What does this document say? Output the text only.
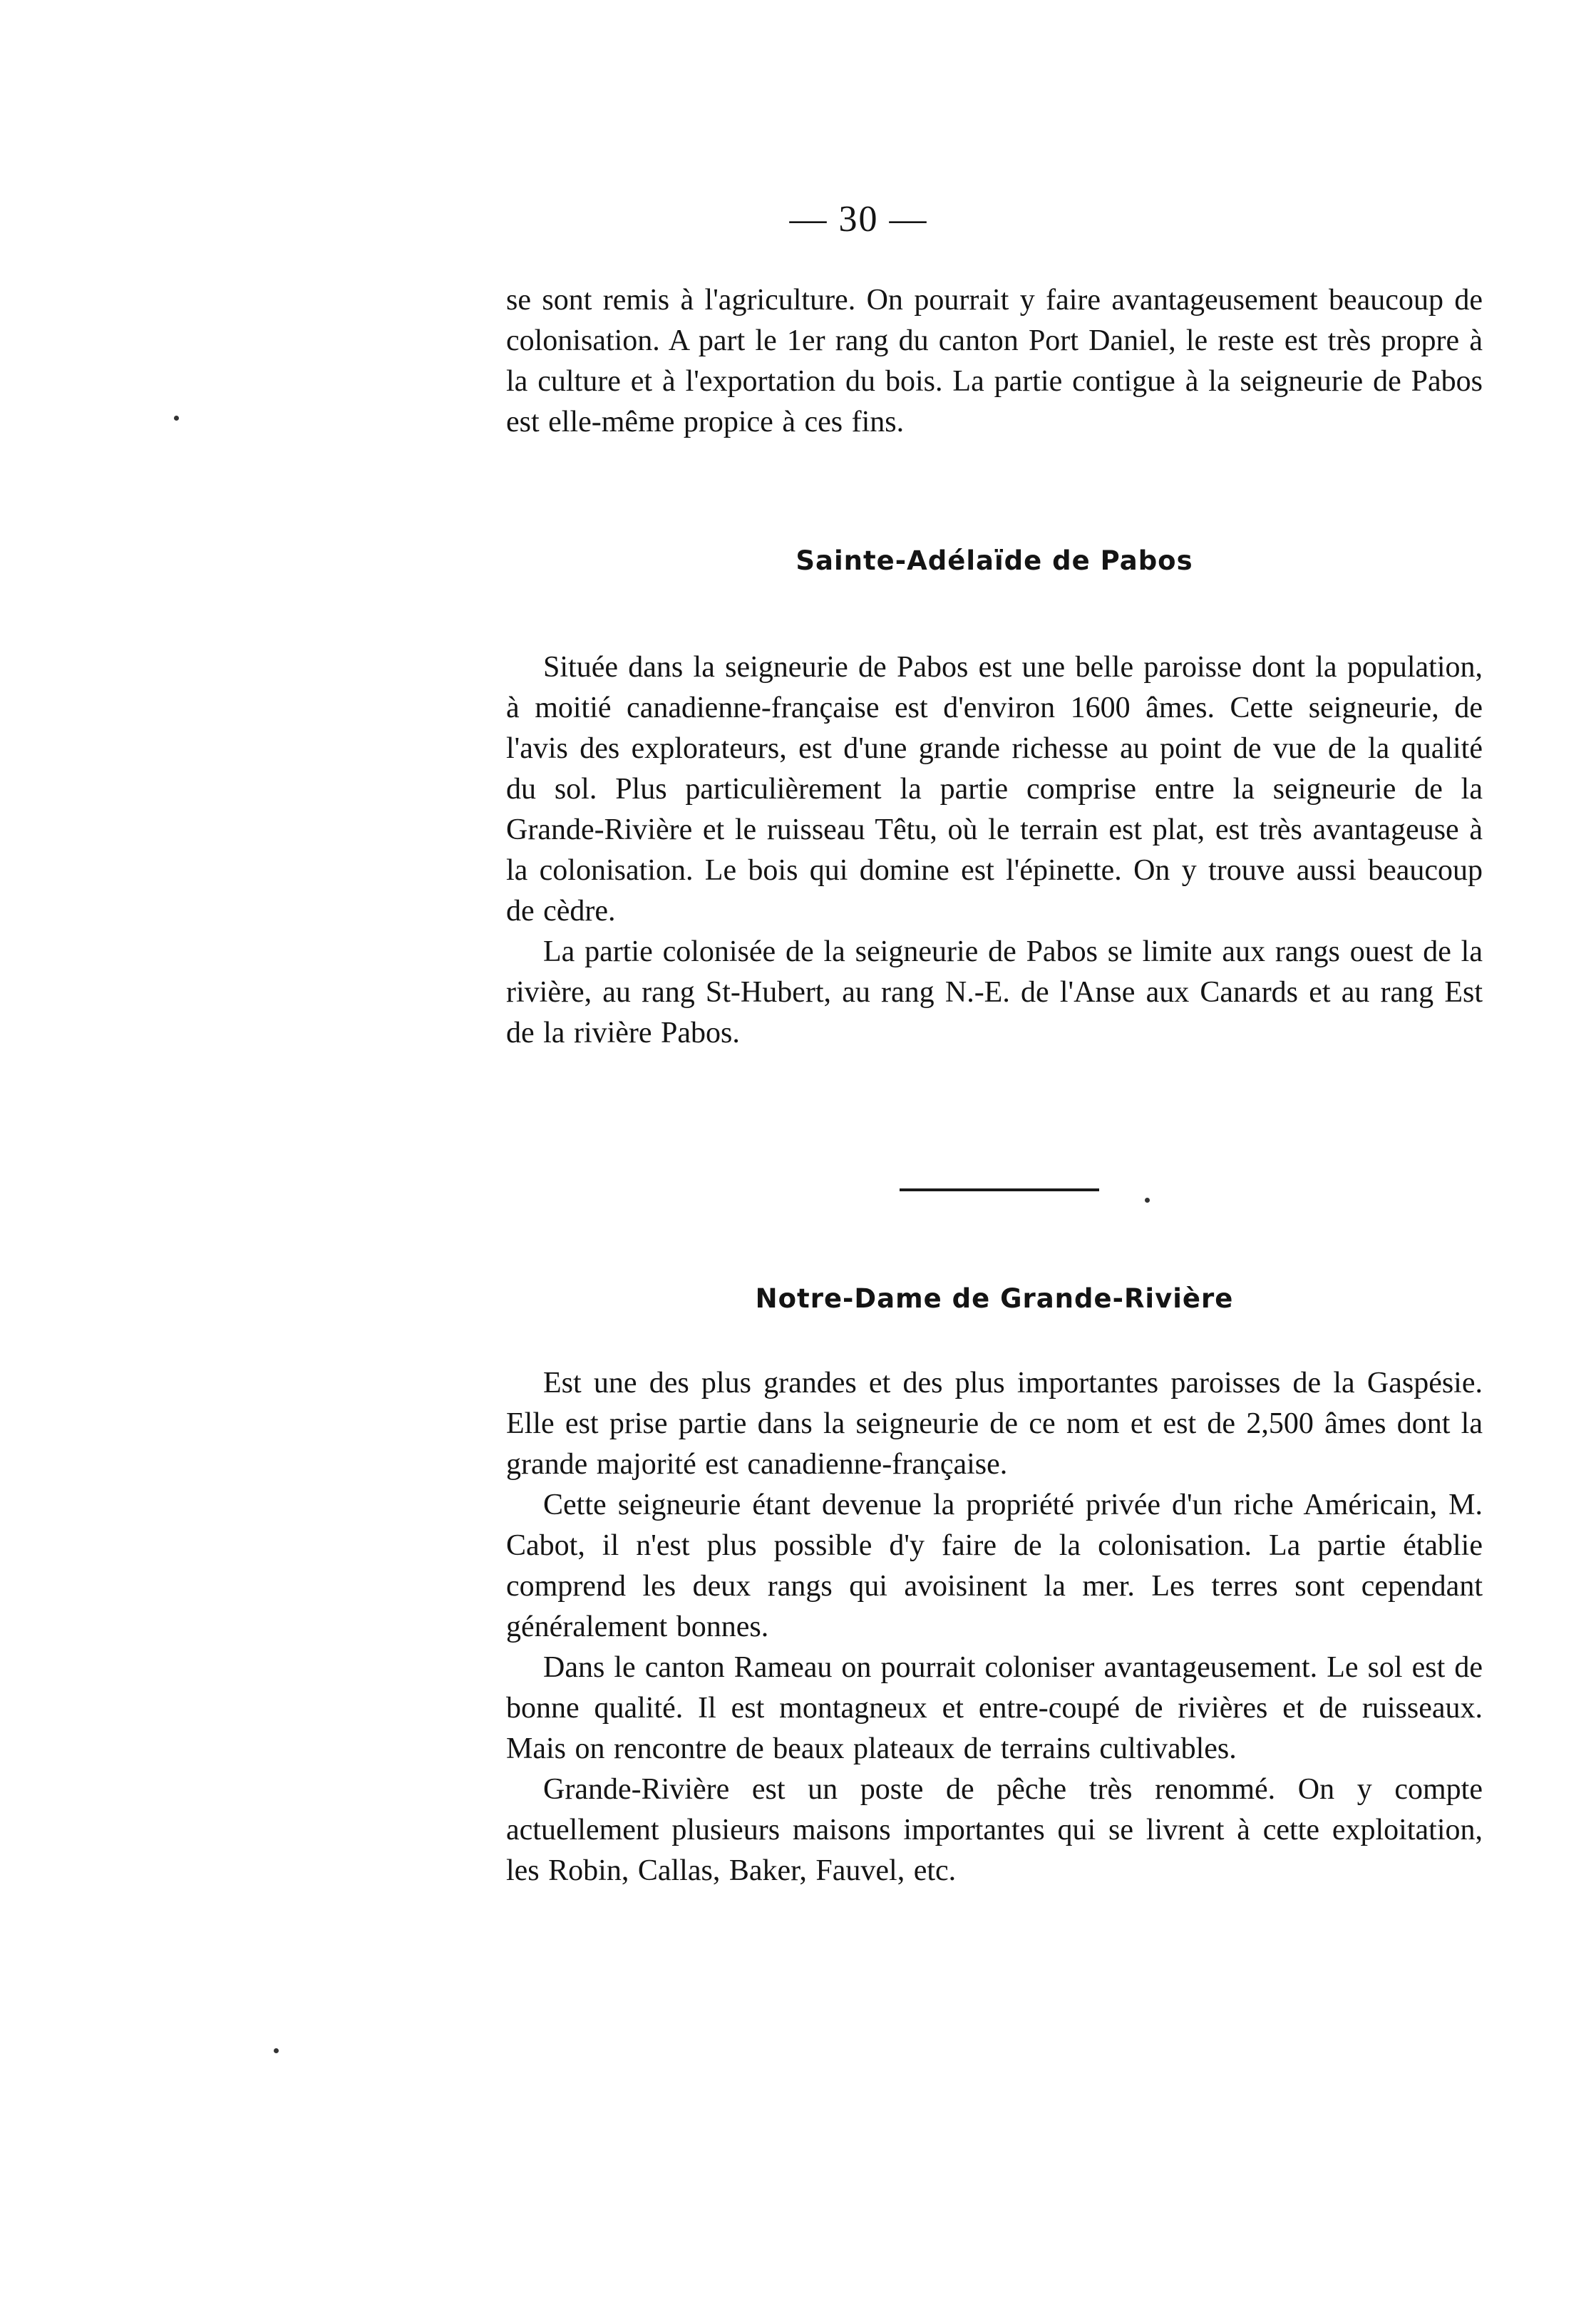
— 30 —

se sont remis à l'agriculture. On pourrait y faire avantageusement beaucoup de colonisation. A part le 1er rang du canton Port Daniel, le reste est très propre à la culture et à l'exportation du bois. La partie contigue à la seigneurie de Pabos est elle-même propice à ces fins.

Sainte-Adélaïde de Pabos

Située dans la seigneurie de Pabos est une belle paroisse dont la population, à moitié canadienne-française est d'environ 1600 âmes. Cette seigneurie, de l'avis des explorateurs, est d'une grande richesse au point de vue de la qualité du sol. Plus particulièrement la partie comprise entre la seigneurie de la Grande-Rivière et le ruisseau Têtu, où le terrain est plat, est très avantageuse à la colonisation. Le bois qui domine est l'épinette. On y trouve aussi beaucoup de cèdre.

La partie colonisée de la seigneurie de Pabos se limite aux rangs ouest de la rivière, au rang St-Hubert, au rang N.-E. de l'Anse aux Canards et au rang Est de la rivière Pabos.

Notre-Dame de Grande-Rivière

Est une des plus grandes et des plus importantes paroisses de la Gaspésie. Elle est prise partie dans la seigneurie de ce nom et est de 2,500 âmes dont la grande majorité est canadienne-française.

Cette seigneurie étant devenue la propriété privée d'un riche Américain, M. Cabot, il n'est plus possible d'y faire de la colonisation. La partie établie comprend les deux rangs qui avoisinent la mer. Les terres sont cependant généralement bonnes.

Dans le canton Rameau on pourrait coloniser avantageusement. Le sol est de bonne qualité. Il est montagneux et entre-coupé de rivières et de ruisseaux. Mais on rencontre de beaux plateaux de terrains cultivables.

Grande-Rivière est un poste de pêche très renommé. On y compte actuellement plusieurs maisons importantes qui se livrent à cette exploitation, les Robin, Callas, Baker, Fauvel, etc.
